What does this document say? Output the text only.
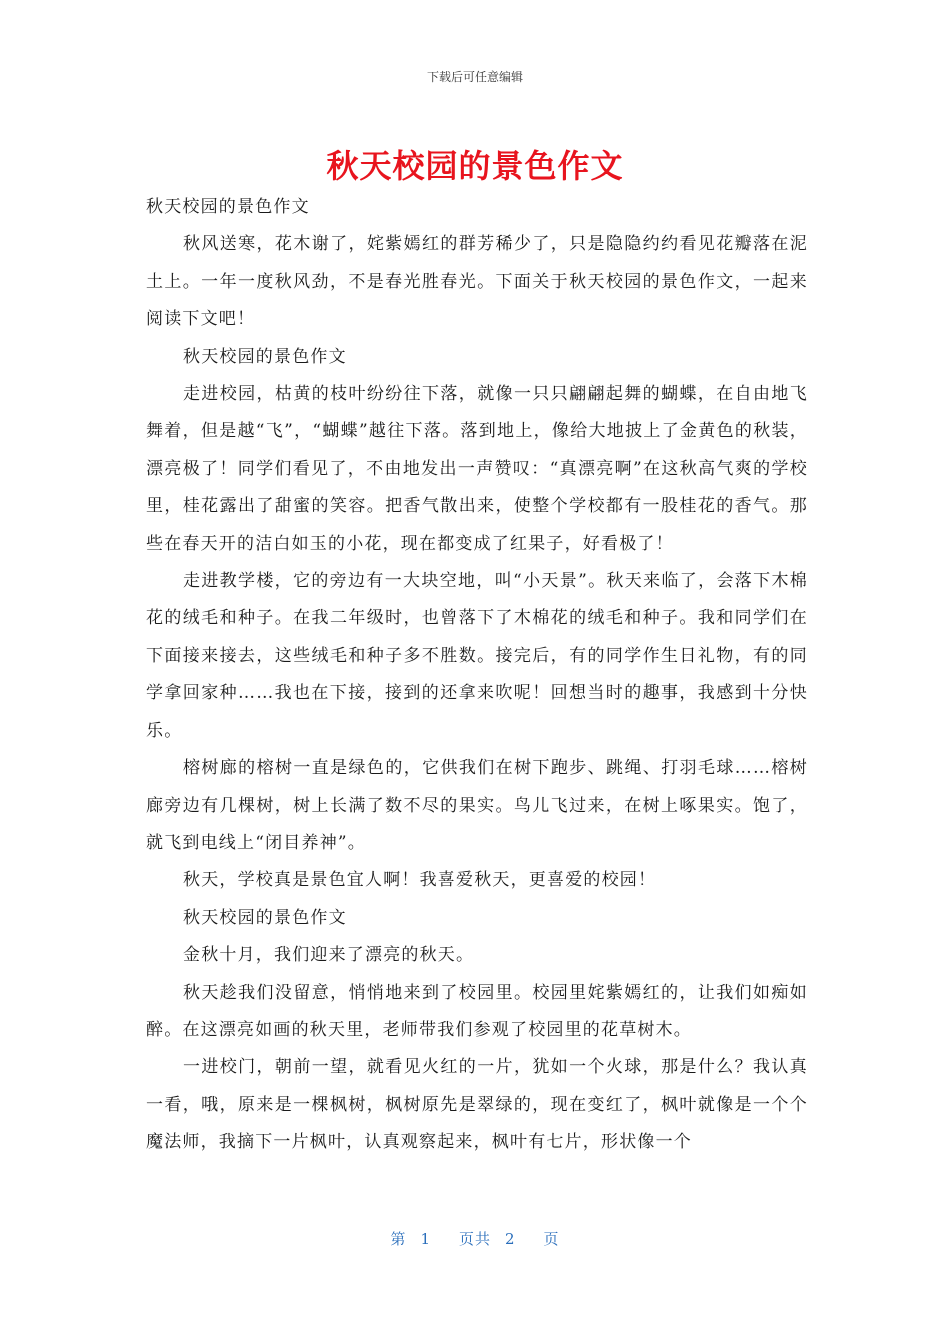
下载后可任意编辑
秋天校园的景色作文

秋天校园的景色作文

秋风送寒，花木谢了，姹紫嫣红的群芳稀少了，只是隐隐约约看见花瓣落在泥土上。一年一度秋风劲，不是春光胜春光。下面关于秋天校园的景色作文，一起来阅读下文吧！

秋天校园的景色作文

走进校园，枯黄的枝叶纷纷往下落，就像一只只翩翩起舞的蝴蝶，在自由地飞舞着，但是越“飞”，“蝴蝶”越往下落。落到地上，像给大地披上了金黄色的秋装，漂亮极了！同学们看见了，不由地发出一声赞叹：“真漂亮啊”在这秋高气爽的学校里，桂花露出了甜蜜的笑容。把香气散出来，使整个学校都有一股桂花的香气。那些在春天开的洁白如玉的小花，现在都变成了红果子，好看极了！

走进教学楼，它的旁边有一大块空地，叫“小天景”。秋天来临了，会落下木棉花的绒毛和种子。在我二年级时，也曾落下了木棉花的绒毛和种子。我和同学们在下面接来接去，这些绒毛和种子多不胜数。接完后，有的同学作生日礼物，有的同学拿回家种……我也在下接，接到的还拿来吹呢！回想当时的趣事，我感到十分快乐。

榕树廊的榕树一直是绿色的，它供我们在树下跑步、跳绳、打羽毛球……榕树廊旁边有几棵树，树上长满了数不尽的果实。鸟儿飞过来，在树上啄果实。饱了，就飞到电线上“闭目养神”。

秋天，学校真是景色宜人啊！我喜爱秋天，更喜爱的校园！

秋天校园的景色作文

金秋十月，我们迎来了漂亮的秋天。

秋天趁我们没留意，悄悄地来到了校园里。校园里姹紫嫣红的，让我们如痴如醉。在这漂亮如画的秋天里，老师带我们参观了校园里的花草树木。

一进校门，朝前一望，就看见火红的一片，犹如一个火球，那是什么？我认真一看，哦，原来是一棵枫树，枫树原先是翠绿的，现在变红了，枫叶就像是一个个魔法师，我摘下一片枫叶，认真观察起来，枫叶有七片，形状像一个

第 1 页共 2 页
